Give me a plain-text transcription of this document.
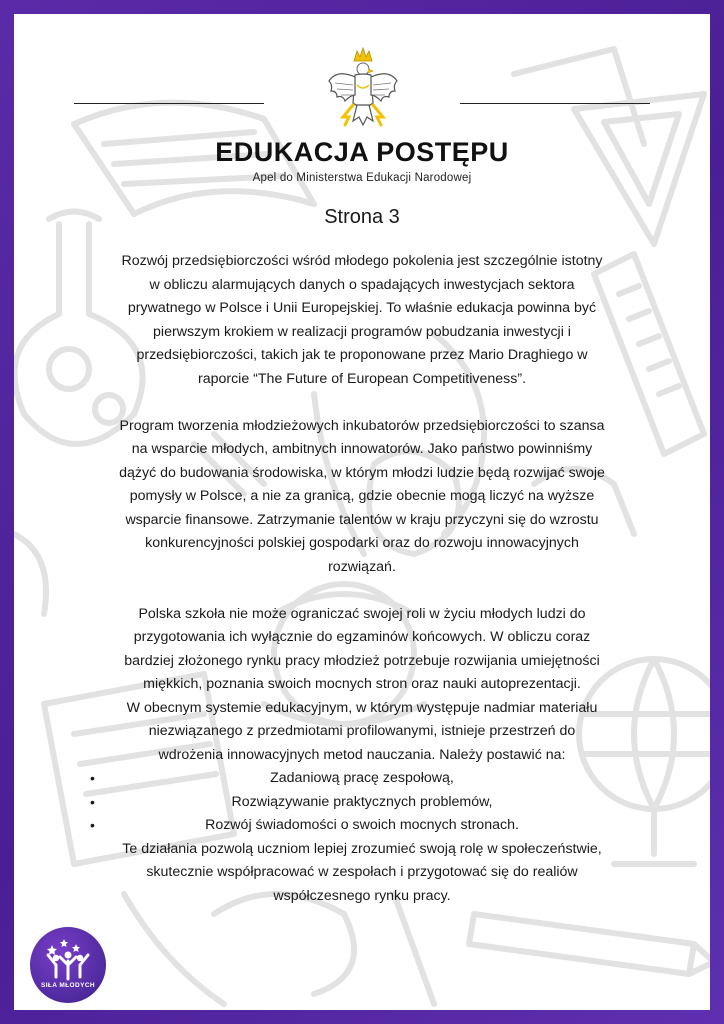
EDUKACJA POSTĘPU
Apel do Ministerstwa Edukacji Narodowej
Strona 3

Rozwój przedsiębiorczości wśród młodego pokolenia jest szczególnie istotny

w obliczu alarmujących danych o spadających inwestycjach sektora

prywatnego w Polsce i Unii Europejskiej. To właśnie edukacja powinna być

pierwszym krokiem w realizacji programów pobudzania inwestycji i

przedsiębiorczości, takich jak te proponowane przez Mario Draghiego w

raporcie “The Future of European Competitiveness”.

Program tworzenia młodzieżowych inkubatorów przedsiębiorczości to szansa

na wsparcie młodych, ambitnych innowatorów. Jako państwo powinniśmy

dążyć do budowania środowiska, w którym młodzi ludzie będą rozwijać swoje

pomysły w Polsce, a nie za granicą, gdzie obecnie mogą liczyć na wyższe

wsparcie finansowe. Zatrzymanie talentów w kraju przyczyni się do wzrostu

konkurencyjności polskiej gospodarki oraz do rozwoju innowacyjnych

rozwiązań.

Polska szkoła nie może ograniczać swojej roli w życiu młodych ludzi do

przygotowania ich wyłącznie do egzaminów końcowych. W obliczu coraz

bardziej złożonego rynku pracy młodzież potrzebuje rozwijania umiejętności

miękkich, poznania swoich mocnych stron oraz nauki autoprezentacji.

W obecnym systemie edukacyjnym, w którym występuje nadmiar materiału

niezwiązanego z przedmiotami profilowanymi, istnieje przestrzeń do

wdrożenia innowacyjnych metod nauczania. Należy postawić na:

•	Zadaniową pracę zespołową,
•	Rozwiązywanie praktycznych problemów,
•	Rozwój świadomości o swoich mocnych stronach.

Te działania pozwolą uczniom lepiej zrozumieć swoją rolę w społeczeństwie,

skutecznie współpracować w zespołach i przygotować się do realiów

współczesnego rynku pracy.

SIŁA MŁODYCH
